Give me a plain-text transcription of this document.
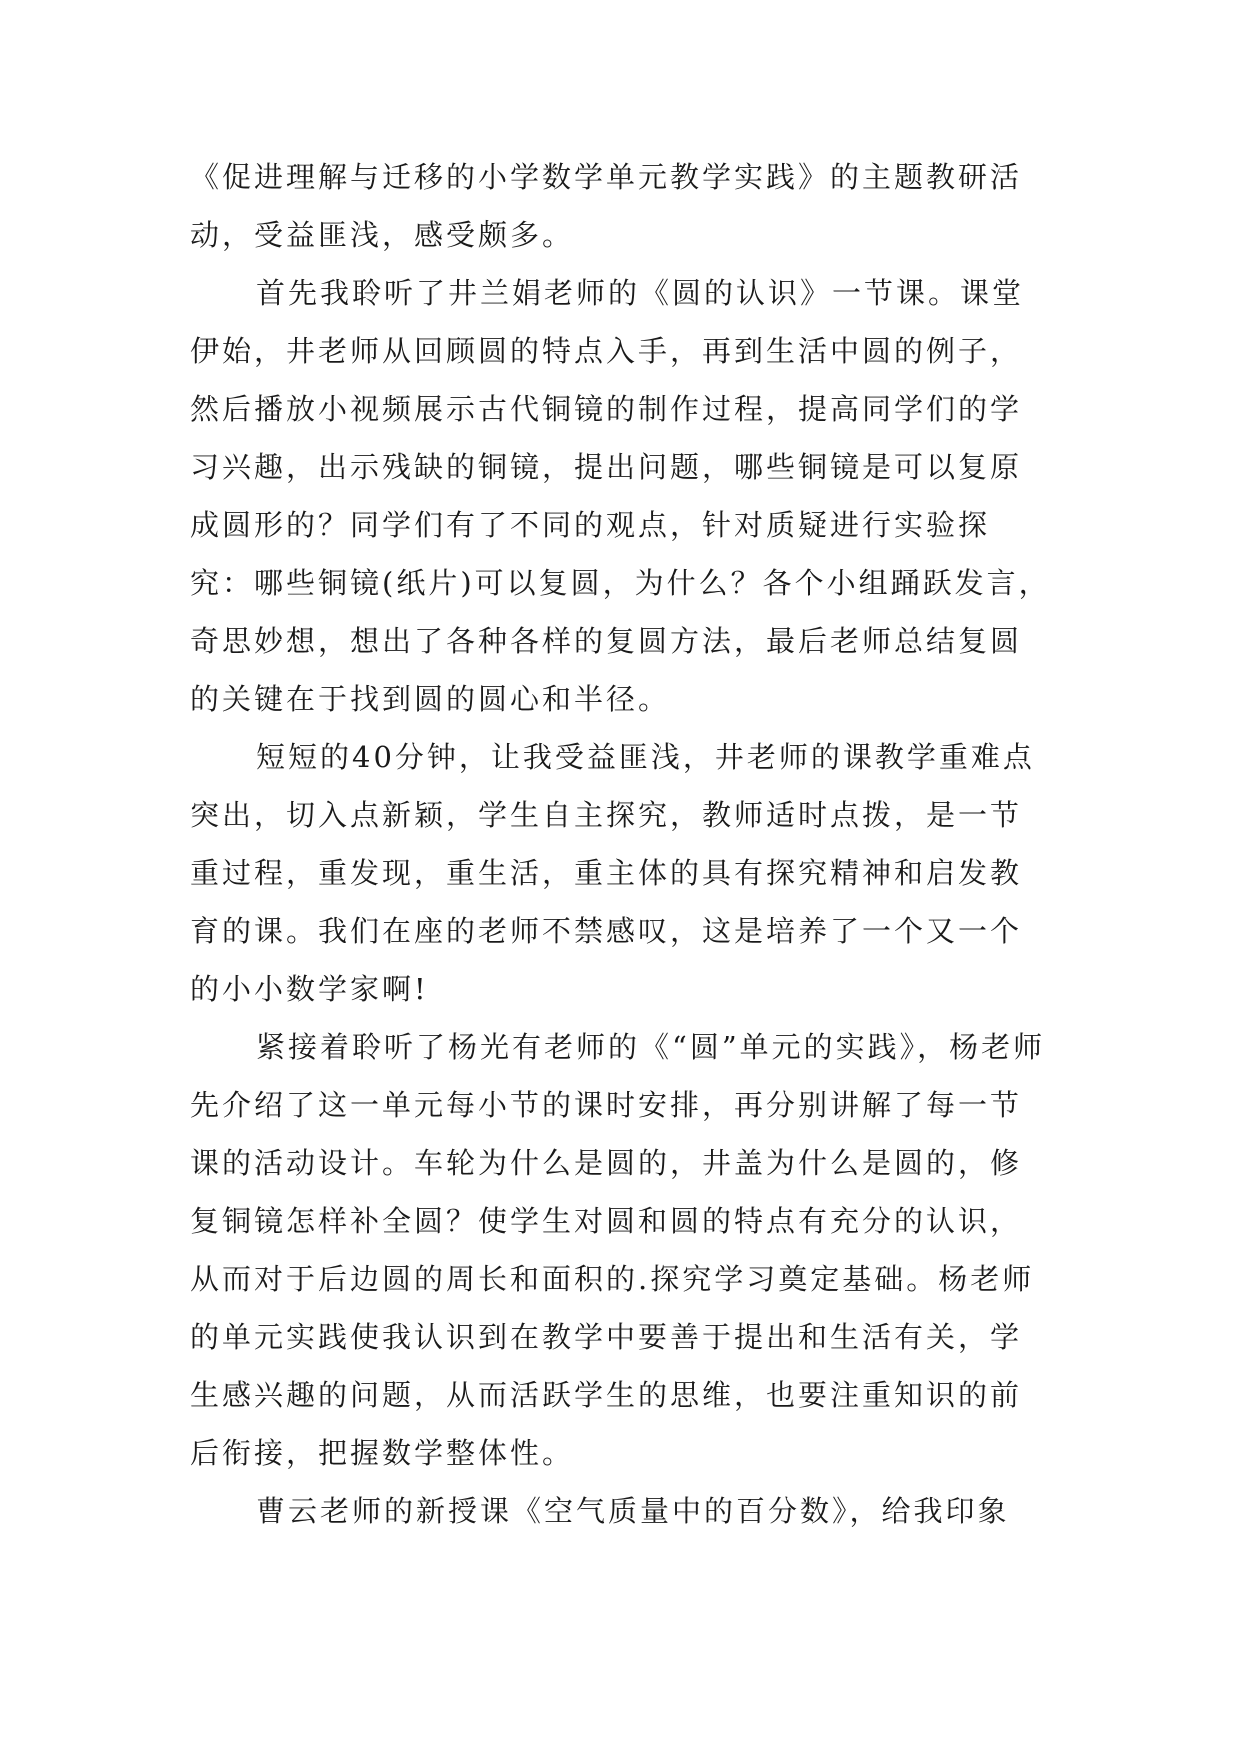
《促进理解与迁移的小学数学单元教学实践》的主题教研活动，受益匪浅，感受颇多。

首先我聆听了井兰娟老师的《圆的认识》一节课。课堂伊始，井老师从回顾圆的特点入手，再到生活中圆的例子，然后播放小视频展示古代铜镜的制作过程，提高同学们的学习兴趣，出示残缺的铜镜，提出问题，哪些铜镜是可以复原成圆形的？同学们有了不同的观点，针对质疑进行实验探究：哪些铜镜(纸片)可以复圆，为什么？各个小组踊跃发言，奇思妙想，想出了各种各样的复圆方法，最后老师总结复圆的关键在于找到圆的圆心和半径。

短短的40分钟，让我受益匪浅，井老师的课教学重难点突出，切入点新颖，学生自主探究，教师适时点拨，是一节重过程，重发现，重生活，重主体的具有探究精神和启发教育的课。我们在座的老师不禁感叹，这是培养了一个又一个的小小数学家啊!

紧接着聆听了杨光有老师的《“圆”单元的实践》，杨老师先介绍了这一单元每小节的课时安排，再分别讲解了每一节课的活动设计。车轮为什么是圆的，井盖为什么是圆的，修复铜镜怎样补全圆？使学生对圆和圆的特点有充分的认识，从而对于后边圆的周长和面积的.探究学习奠定基础。杨老师的单元实践使我认识到在教学中要善于提出和生活有关，学生感兴趣的问题，从而活跃学生的思维，也要注重知识的前后衔接，把握数学整体性。

曹云老师的新授课《空气质量中的百分数》，给我印象
